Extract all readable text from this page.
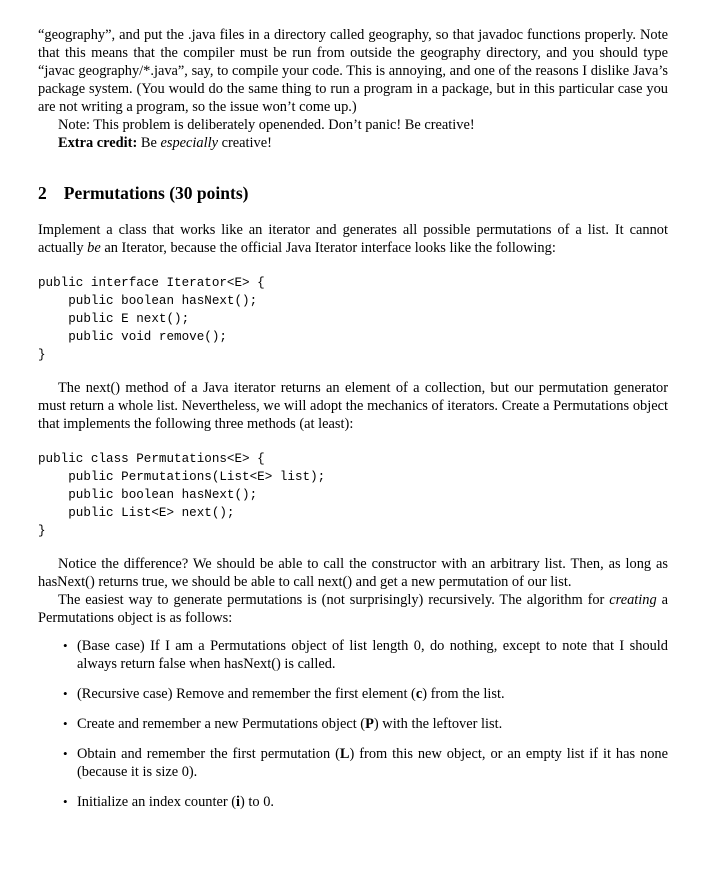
“geography”, and put the .java files in a directory called geography, so that javadoc functions properly. Note that this means that the compiler must be run from outside the geography directory, and you should type “javac geography/*.java”, say, to compile your code. This is annoying, and one of the reasons I dislike Java’s package system. (You would do the same thing to run a program in a package, but in this particular case you are not writing a program, so the issue won’t come up.)

Note: This problem is deliberately openended. Don’t panic! Be creative!

Extra credit: Be especially creative!

2 Permutations (30 points)

Implement a class that works like an iterator and generates all possible permutations of a list. It cannot actually be an Iterator, because the official Java Iterator interface looks like the following:

public interface Iterator<E> {
public boolean hasNext();
public E next();
public void remove();
}

The next() method of a Java iterator returns an element of a collection, but our permutation generator must return a whole list. Nevertheless, we will adopt the mechanics of iterators. Create a Permutations object that implements the following three methods (at least):

public class Permutations<E> {
public Permutations(List<E> list);
public boolean hasNext();
public List<E> next();
}

Notice the difference? We should be able to call the constructor with an arbitrary list. Then, as long as hasNext() returns true, we should be able to call next() and get a new permutation of our list.

The easiest way to generate permutations is (not surprisingly) recursively. The algorithm for creating a Permutations object is as follows:

• (Base case) If I am a Permutations object of list length 0, do nothing, except to note that I should always return false when hasNext() is called.
• (Recursive case) Remove and remember the first element (c) from the list.
• Create and remember a new Permutations object (P) with the leftover list.
• Obtain and remember the first permutation (L) from this new object, or an empty list if it has none (because it is size 0).
• Initialize an index counter (i) to 0.
